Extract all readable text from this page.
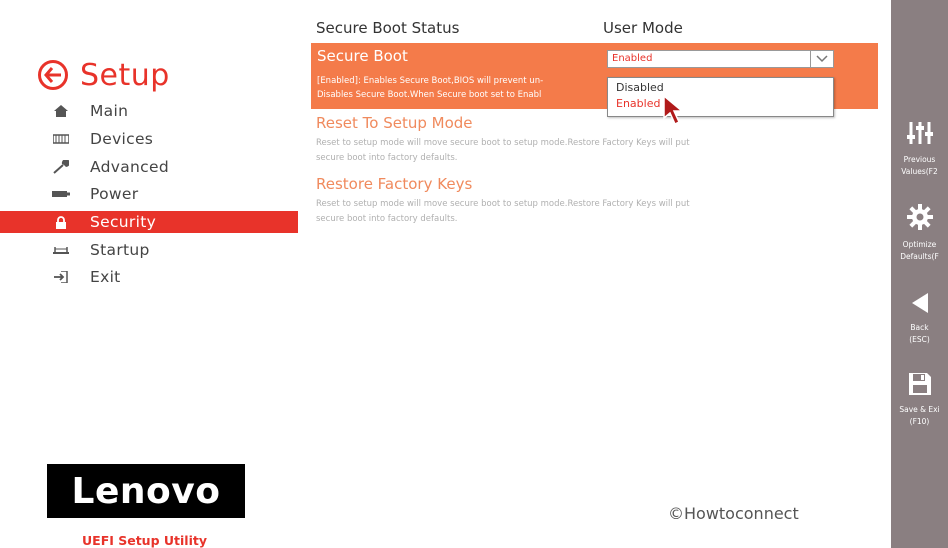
Setup
Main
Devices
Advanced
Power
Security
Startup
Exit
Secure Boot Status	User Mode
Secure Boot
[Enabled]: Enables Secure Boot,BIOS will prevent un-
Disables Secure Boot.When Secure boot set to Enabl
Enabled
Disabled
Enabled
Reset To Setup Mode
Reset to setup mode will move secure boot to setup mode.Restore Factory Keys will put
secure boot into factory defaults.
Restore Factory Keys
Reset to setup mode will move secure boot to setup mode.Restore Factory Keys will put
secure boot into factory defaults.
Previous
Values(F2
Optimize
Defaults(F
Back
(ESC)
Save & Exi
(F10)
Lenovo
UEFI Setup Utility
©Howtoconnect
